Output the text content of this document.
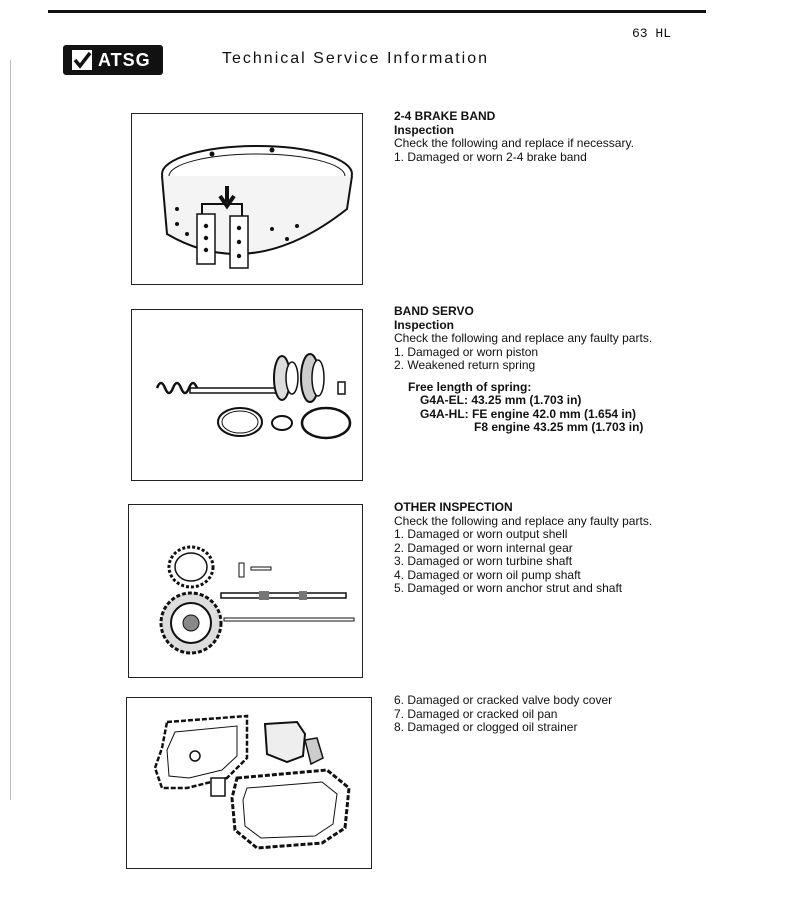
63 HL
ATSG	Technical Service Information
2-4 BRAKE BAND
Inspection
Check the following and replace if necessary.
1. Damaged or worn 2-4 brake band
BAND SERVO
Inspection
Check the following and replace any faulty parts.
1. Damaged or worn piston
2. Weakened return spring
Free length of spring:
G4A-EL: 43.25 mm (1.703 in)
G4A-HL: FE engine 42.0 mm (1.654 in)
F8 engine 43.25 mm (1.703 in)
OTHER INSPECTION
Check the following and replace any faulty parts.
1. Damaged or worn output shell
2. Damaged or worn internal gear
3. Damaged or worn turbine shaft
4. Damaged or worn oil pump shaft
5. Damaged or worn anchor strut and shaft
6. Damaged or cracked valve body cover
7. Damaged or cracked oil pan
8. Damaged or clogged oil strainer
